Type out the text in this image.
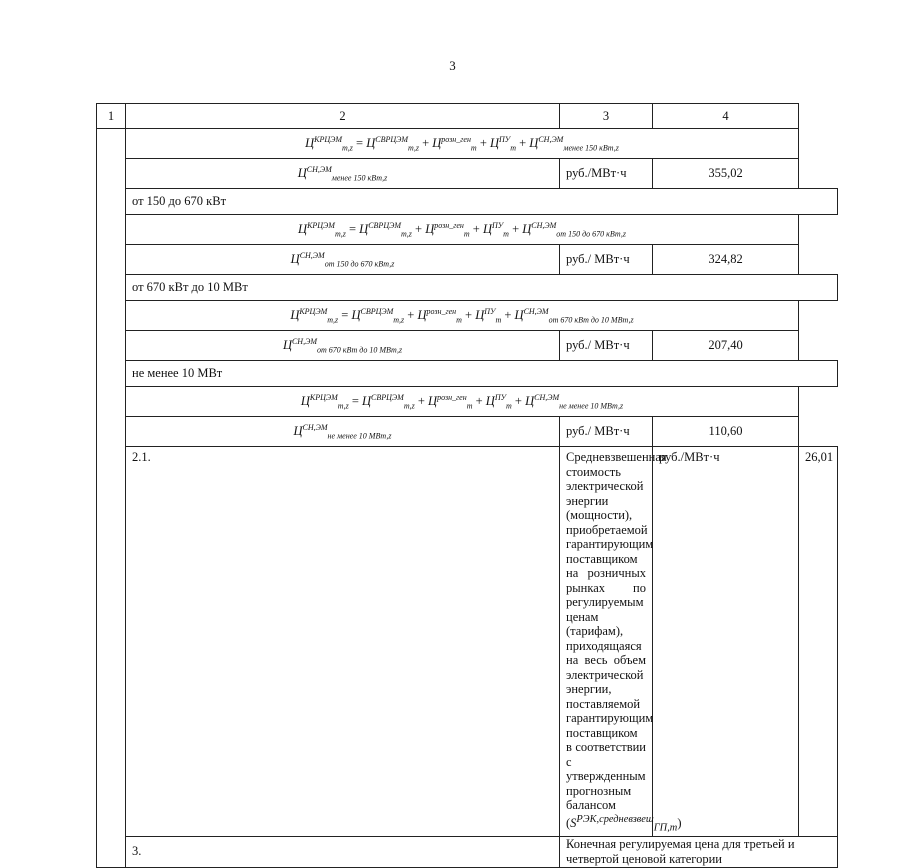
3
1	2	3	4	
	$Ц^{КРЦЭМ}_{m,z} = Ц^{СВРЦЭМ}_{m,z} + Ц^{розн\_ген}_m + Ц^{ПУ}_m + Ц^{СН,ЭМ}_{менее 150 кВт,z}$
	$Ц^{СН,ЭМ}_{менее 150 кВт,z}$	руб./МВт·ч	355,02	
	от 150 до 670 кВт			
	$Ц^{КРЦЭМ}_{m,z} = Ц^{СВРЦЭМ}_{m,z} + Ц^{розн\_ген}_m + Ц^{ПУ}_m + Ц^{СН,ЭМ}_{от 150 до 670 кВт,z}$
	$Ц^{СН,ЭМ}_{от 150 до 670 кВт,z}$	руб./ МВт·ч	324,82	
	от 670 кВт до 10 МВт			
	$Ц^{КРЦЭМ}_{m,z} = Ц^{СВРЦЭМ}_{m,z} + Ц^{розн\_ген}_m + Ц^{ПУ}_m + Ц^{СН,ЭМ}_{от 670 кВт до 10 МВт,z}$
	$Ц^{СН,ЭМ}_{от 670 кВт до 10 МВт,z}$	руб./ МВт·ч	207,40	
	не менее 10 МВт			
	$Ц^{КРЦЭМ}_{m,z} = Ц^{СВРЦЭМ}_{m,z} + Ц^{розн\_ген}_m + Ц^{ПУ}_m + Ц^{СН,ЭМ}_{не менее 10 МВт,z}$
	$Ц^{СН,ЭМ}_{не менее 10 МВт,z}$	руб./ МВт·ч	110,60	
	2.1.	Средневзвешенная стоимость электрической энергии (мощности), приобретаемой гарантирующим поставщиком на розничных рынках по регулируемым ценам (тарифам), приходящаяся на весь объем электрической энергии, поставляемой гарантирующим поставщиком в соответствии с утвержденным прогнозным балансом $(S^{РЭК,средневзвеш}_{ГП,m})$	руб./МВт·ч	26,01
	3.	Конечная регулируемая цена для третьей и четвертой ценовой категории		
